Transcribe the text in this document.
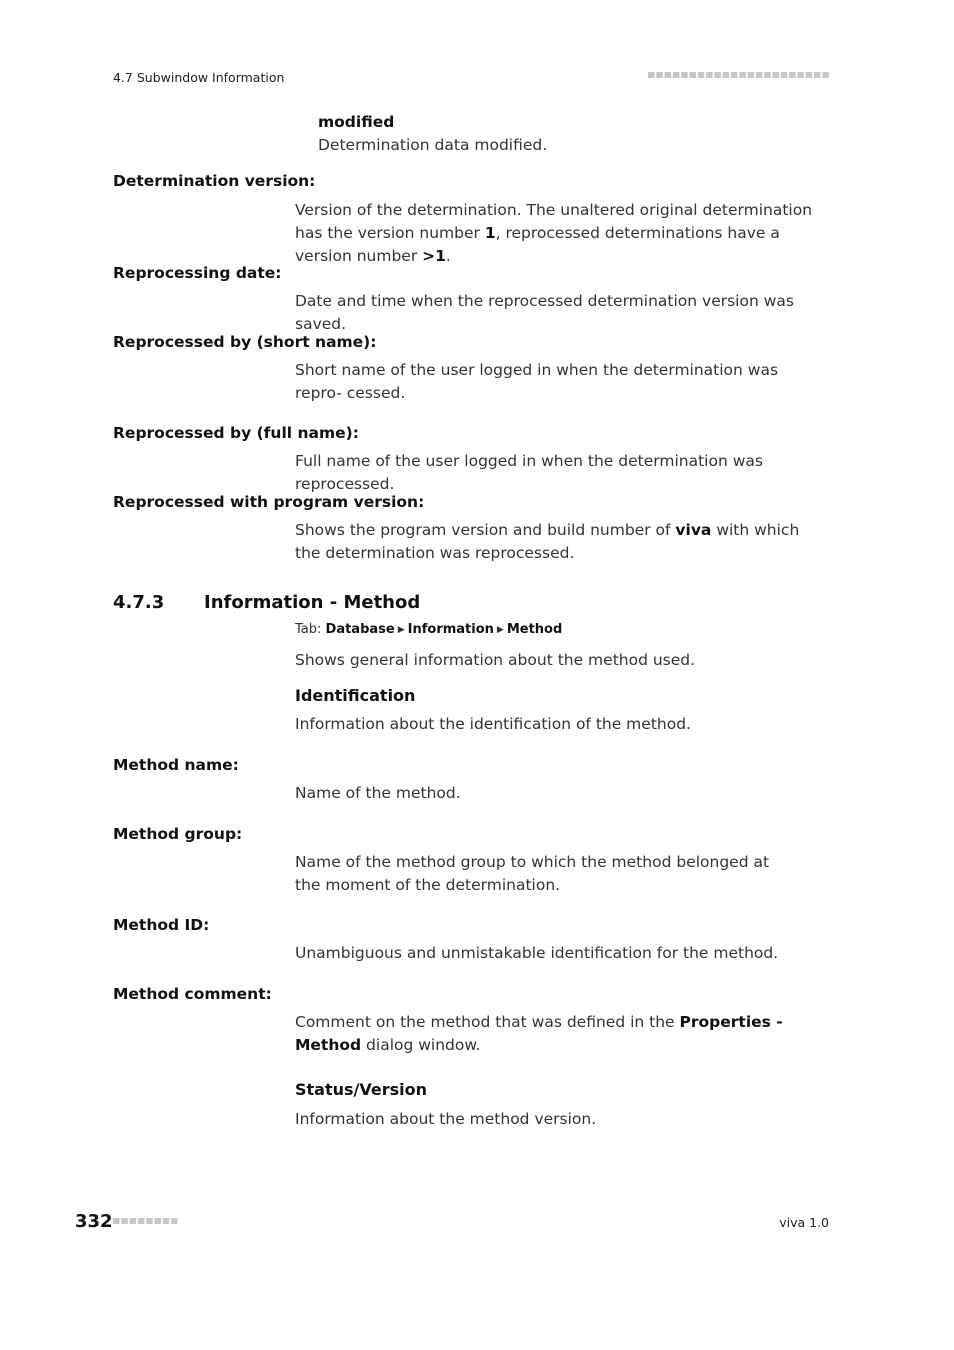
4.7 Subwindow Information
modified
Determination data modified.
Determination version:
Version of the determination. The unaltered original determination has the version number 1, reprocessed determinations have a version number >1.
Reprocessing date:
Date and time when the reprocessed determination version was saved.
Reprocessed by (short name):
Short name of the user logged in when the determination was repro- cessed.
Reprocessed by (full name):
Full name of the user logged in when the determination was reprocessed.
Reprocessed with program version:
Shows the program version and build number of viva with which the determination was reprocessed.
4.7.3 Information - Method
Tab: Database ▶ Information ▶ Method
Shows general information about the method used.
Identification
Information about the identification of the method.
Method name:
Name of the method.
Method group:
Name of the method group to which the method belonged at the moment of the determination.
Method ID:
Unambiguous and unmistakable identification for the method.
Method comment:
Comment on the method that was defined in the Properties - Method dialog window.
Status/Version
Information about the method version.
332	viva 1.0
